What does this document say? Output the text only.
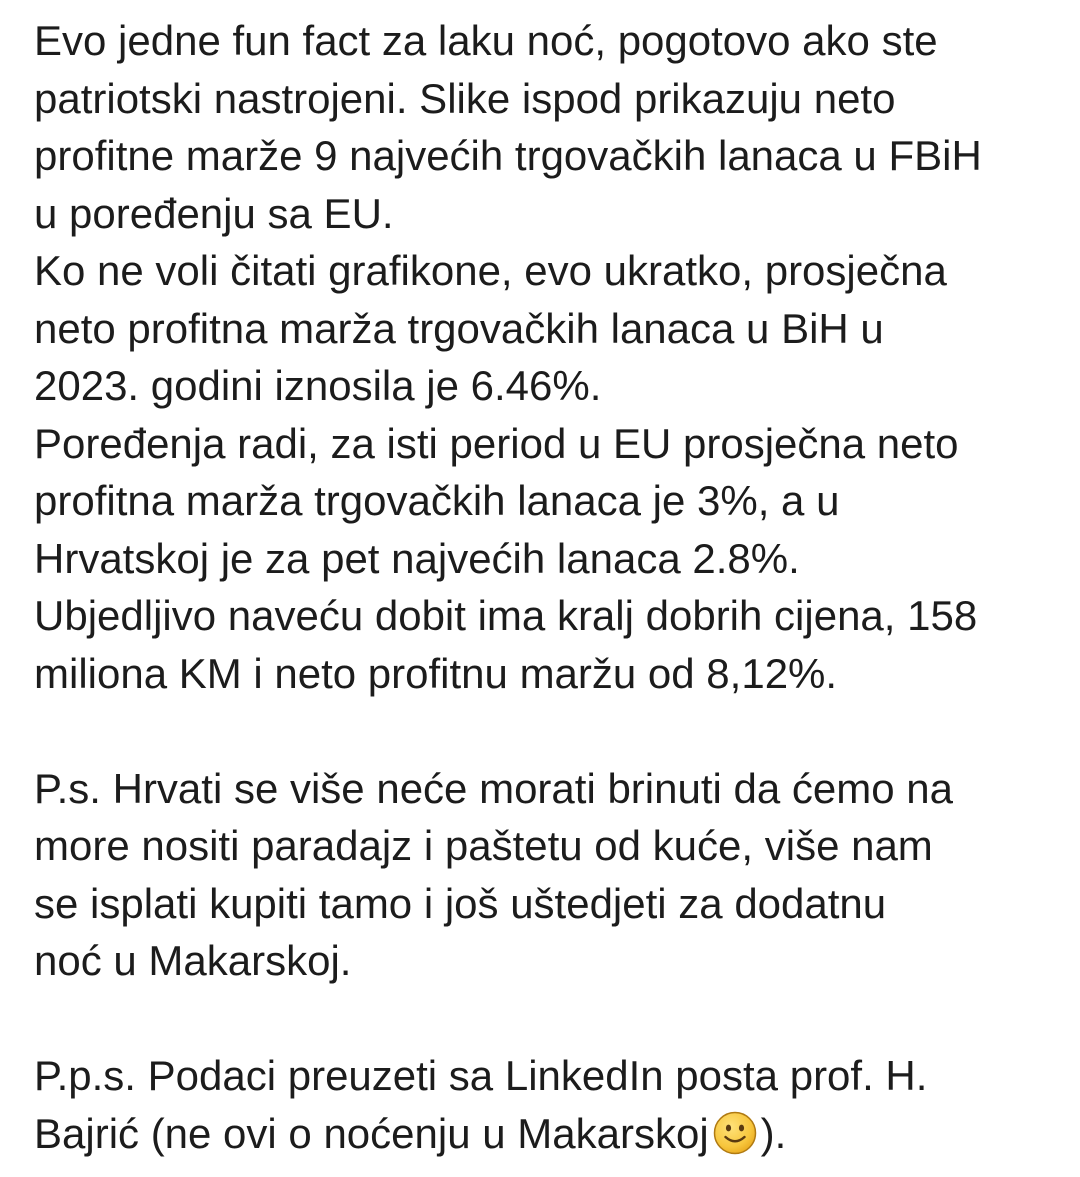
Evo jedne fun fact za laku noć, pogotovo ako ste
patriotski nastrojeni. Slike ispod prikazuju neto
profitne marže 9 najvećih trgovačkih lanaca u FBiH
u poređenju sa EU.
Ko ne voli čitati grafikone, evo ukratko, prosječna
neto profitna marža trgovačkih lanaca u BiH u
2023. godini iznosila je 6.46%.
Poređenja radi, za isti period u EU prosječna neto
profitna marža trgovačkih lanaca je 3%, a u
Hrvatskoj je za pet najvećih lanaca 2.8%.
Ubjedljivo naveću dobit ima kralj dobrih cijena, 158
miliona KM i neto profitnu maržu od 8,12%.

P.s. Hrvati se više neće morati brinuti da ćemo na
more nositi paradajz i paštetu od kuće, više nam
se isplati kupiti tamo i još uštedjeti za dodatnu
noć u Makarskoj.

P.p.s. Podaci preuzeti sa LinkedIn posta prof. H.
Bajrić (ne ovi o noćenju u Makarskoj ).
